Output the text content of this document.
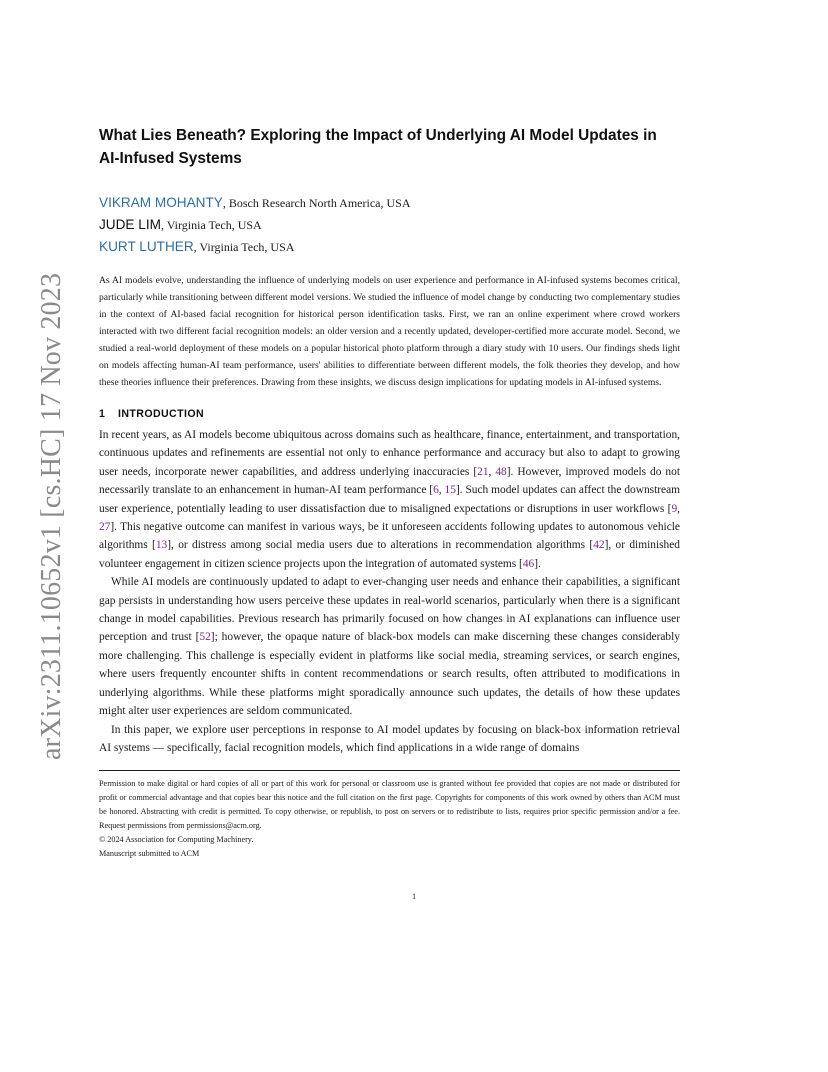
arXiv:2311.10652v1 [cs.HC] 17 Nov 2023
What Lies Beneath? Exploring the Impact of Underlying AI Model Updates in AI-Infused Systems
VIKRAM MOHANTY, Bosch Research North America, USA
JUDE LIM, Virginia Tech, USA
KURT LUTHER, Virginia Tech, USA
As AI models evolve, understanding the influence of underlying models on user experience and performance in AI-infused systems becomes critical, particularly while transitioning between different model versions. We studied the influence of model change by conducting two complementary studies in the context of AI-based facial recognition for historical person identification tasks. First, we ran an online experiment where crowd workers interacted with two different facial recognition models: an older version and a recently updated, developer-certified more accurate model. Second, we studied a real-world deployment of these models on a popular historical photo platform through a diary study with 10 users. Our findings sheds light on models affecting human-AI team performance, users' abilities to differentiate between different models, the folk theories they develop, and how these theories influence their preferences. Drawing from these insights, we discuss design implications for updating models in AI-infused systems.
1 INTRODUCTION

In recent years, as AI models become ubiquitous across domains such as healthcare, finance, entertainment, and transportation, continuous updates and refinements are essential not only to enhance performance and accuracy but also to adapt to growing user needs, incorporate newer capabilities, and address underlying inaccuracies [21, 48]. However, improved models do not necessarily translate to an enhancement in human-AI team performance [6, 15]. Such model updates can affect the downstream user experience, potentially leading to user dissatisfaction due to misaligned expectations or disruptions in user workflows [9, 27]. This negative outcome can manifest in various ways, be it unforeseen accidents following updates to autonomous vehicle algorithms [13], or distress among social media users due to alterations in recommendation algorithms [42], or diminished volunteer engagement in citizen science projects upon the integration of automated systems [46].

While AI models are continuously updated to adapt to ever-changing user needs and enhance their capabilities, a significant gap persists in understanding how users perceive these updates in real-world scenarios, particularly when there is a significant change in model capabilities. Previous research has primarily focused on how changes in AI explanations can influence user perception and trust [52]; however, the opaque nature of black-box models can make discerning these changes considerably more challenging. This challenge is especially evident in platforms like social media, streaming services, or search engines, where users frequently encounter shifts in content recommendations or search results, often attributed to modifications in underlying algorithms. While these platforms might sporadically announce such updates, the details of how these updates might alter user experiences are seldom communicated.

In this paper, we explore user perceptions in response to AI model updates by focusing on black-box information retrieval AI systems — specifically, facial recognition models, which find applications in a wide range of domains

Permission to make digital or hard copies of all or part of this work for personal or classroom use is granted without fee provided that copies are not made or distributed for profit or commercial advantage and that copies bear this notice and the full citation on the first page. Copyrights for components of this work owned by others than ACM must be honored. Abstracting with credit is permitted. To copy otherwise, or republish, to post on servers or to redistribute to lists, requires prior specific permission and/or a fee. Request permissions from permissions@acm.org.

© 2024 Association for Computing Machinery.

Manuscript submitted to ACM

1
